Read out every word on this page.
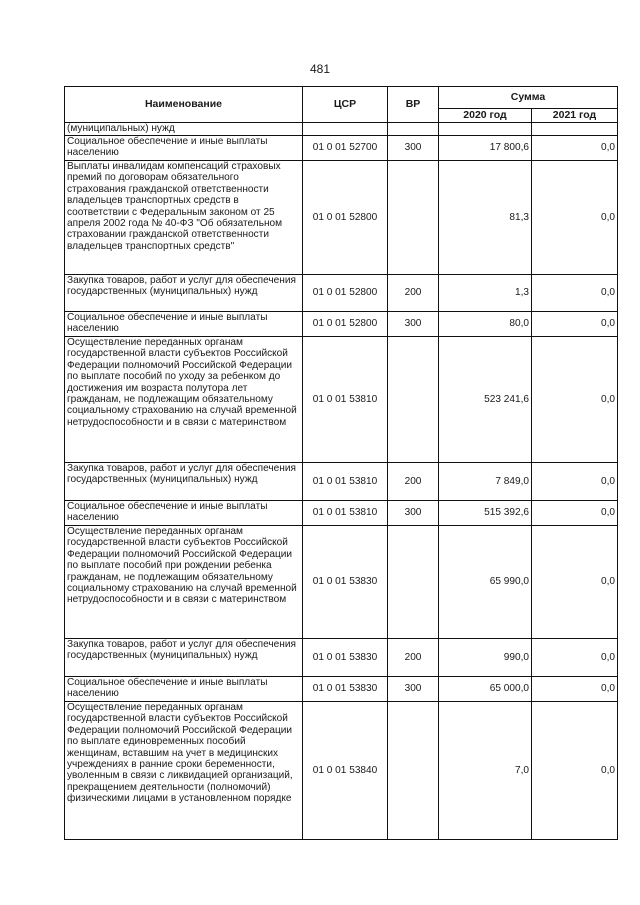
481
Наименование	ЦСР	ВР	Сумма	
			2020 год	2021 год
(муниципальных) нужд				
Социальное обеспечение и иные выплаты населению	01 0 01 52700	300	17 800,6	0,0
Выплаты инвалидам компенсаций страховых премий по договорам обязательного страхования гражданской ответственности владельцев транспортных средств в соответствии с Федеральным законом от 25 апреля 2002 года № 40-ФЗ "Об обязательном страховании гражданской ответственности владельцев транспортных средств"	01 0 01 52800		81,3	0,0
Закупка товаров, работ и услуг для обеспечения государственных (муниципальных) нужд	01 0 01 52800	200	1,3	0,0
Социальное обеспечение и иные выплаты населению	01 0 01 52800	300	80,0	0,0
Осуществление переданных органам государственной власти субъектов Российской Федерации полномочий Российской Федерации по выплате пособий по уходу за ребенком до достижения им возраста полутора лет гражданам, не подлежащим обязательному социальному страхованию на случай временной нетрудоспособности и в связи с материнством	01 0 01 53810		523 241,6	0,0
Закупка товаров, работ и услуг для обеспечения государственных (муниципальных) нужд	01 0 01 53810	200	7 849,0	0,0
Социальное обеспечение и иные выплаты населению	01 0 01 53810	300	515 392,6	0,0
Осуществление переданных органам государственной власти субъектов Российской Федерации полномочий Российской Федерации по выплате пособий при рождении ребенка гражданам, не подлежащим обязательному социальному страхованию на случай временной нетрудоспособности и в связи с материнством	01 0 01 53830		65 990,0	0,0
Закупка товаров, работ и услуг для обеспечения государственных (муниципальных) нужд	01 0 01 53830	200	990,0	0,0
Социальное обеспечение и иные выплаты населению	01 0 01 53830	300	65 000,0	0,0
Осуществление переданных органам государственной власти субъектов Российской Федерации полномочий Российской Федерации по выплате единовременных пособий женщинам, вставшим на учет в медицинских учреждениях в ранние сроки беременности, уволенным в связи с ликвидацией организаций, прекращением деятельности (полномочий) физическими лицами в установленном порядке	01 0 01 53840		7,0	0,0
